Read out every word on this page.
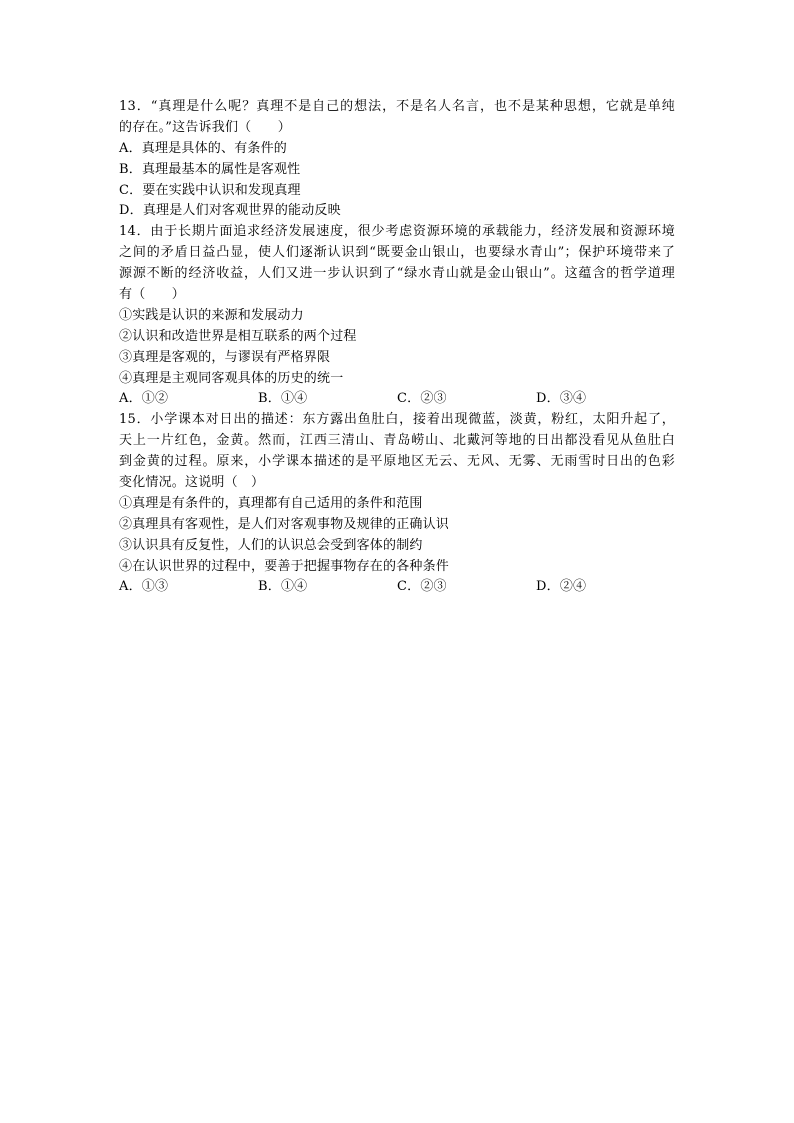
13．“真理是什么呢？真理不是自己的想法，不是名人名言，也不是某种思想，它就是单纯
的存在。”这告诉我们（　　）
A．真理是具体的、有条件的
B．真理最基本的属性是客观性
C．要在实践中认识和发现真理
D．真理是人们对客观世界的能动反映
14．由于长期片面追求经济发展速度，很少考虑资源环境的承载能力，经济发展和资源环境
之间的矛盾日益凸显，使人们逐渐认识到“既要金山银山，也要绿水青山”；保护环境带来了
源源不断的经济收益，人们又进一步认识到了“绿水青山就是金山银山”。这蕴含的哲学道理
有（　　）
①实践是认识的来源和发展动力
②认识和改造世界是相互联系的两个过程
③真理是客观的，与谬误有严格界限
④真理是主观同客观具体的历史的统一
A．①②	B．①④	C．②③	D．③④
15．小学课本对日出的描述：东方露出鱼肚白，接着出现微蓝，淡黄，粉红，太阳升起了，
天上一片红色，金黄。然而，江西三清山、青岛崂山、北戴河等地的日出都没看见从鱼肚白
到金黄的过程。原来，小学课本描述的是平原地区无云、无风、无雾、无雨雪时日出的色彩
变化情况。这说明（　）
①真理是有条件的，真理都有自己适用的条件和范围
②真理具有客观性，是人们对客观事物及规律的正确认识
③认识具有反复性，人们的认识总会受到客体的制约
④在认识世界的过程中，要善于把握事物存在的各种条件
A．①③	B．①④	C．②③	D．②④
